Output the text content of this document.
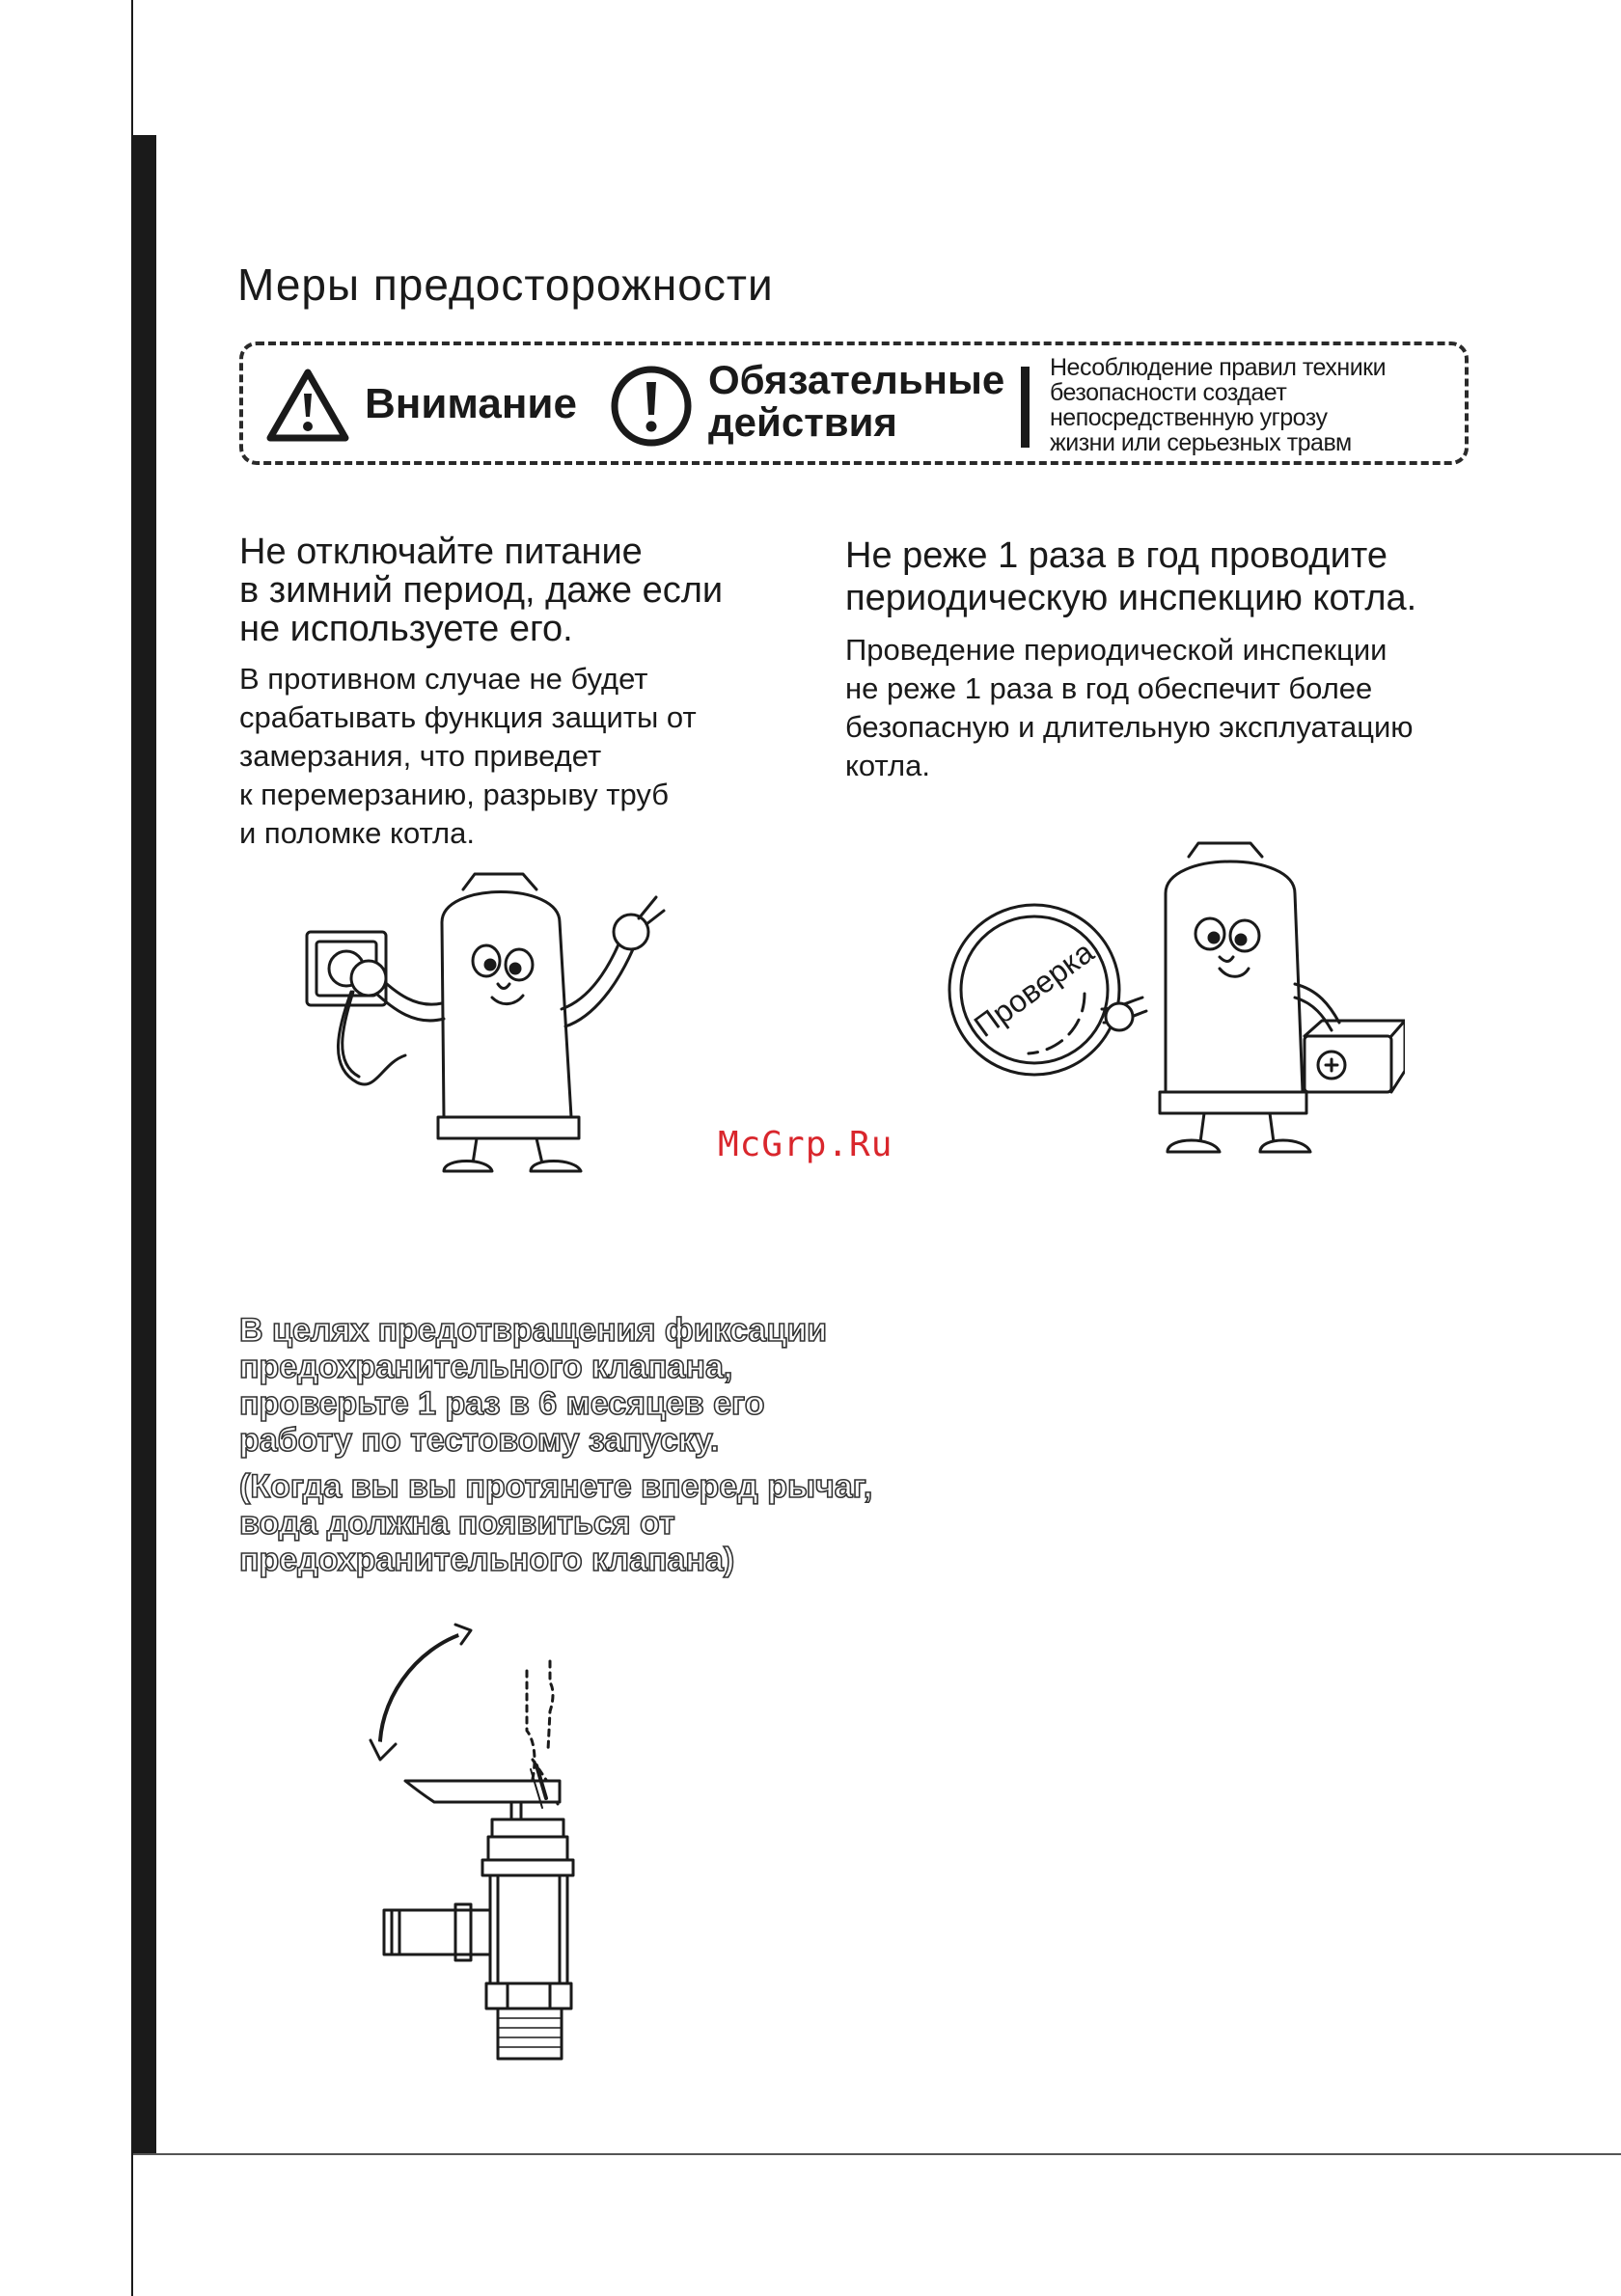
Меры предосторожности
Внимание
Обязательные
действия
Несоблюдение правил техники
безопасности создает
непосредственную угрозу
жизни или серьезных травм
Не отключайте питание
в зимний период, даже если
не используете его.

В противном случае не будет
срабатывать функция защиты от
замерзания, что приведет
к перемерзанию, разрыву труб
и поломке котла.

Не реже 1 раза в год проводите
периодическую инспекцию котла.

Проведение периодической инспекции
не реже 1 раза в год обеспечит более
безопасную и длительную эксплуатацию
котла.

Проверка
McGrp.Ru

В целях предотвращения фиксации
предохранительного клапана,
проверьте 1 раз в 6 месяцев его
работу по тестовому запуску.
(Когда вы вы протянете вперед рычаг,
вода должна появиться от
предохранительного клапана)
